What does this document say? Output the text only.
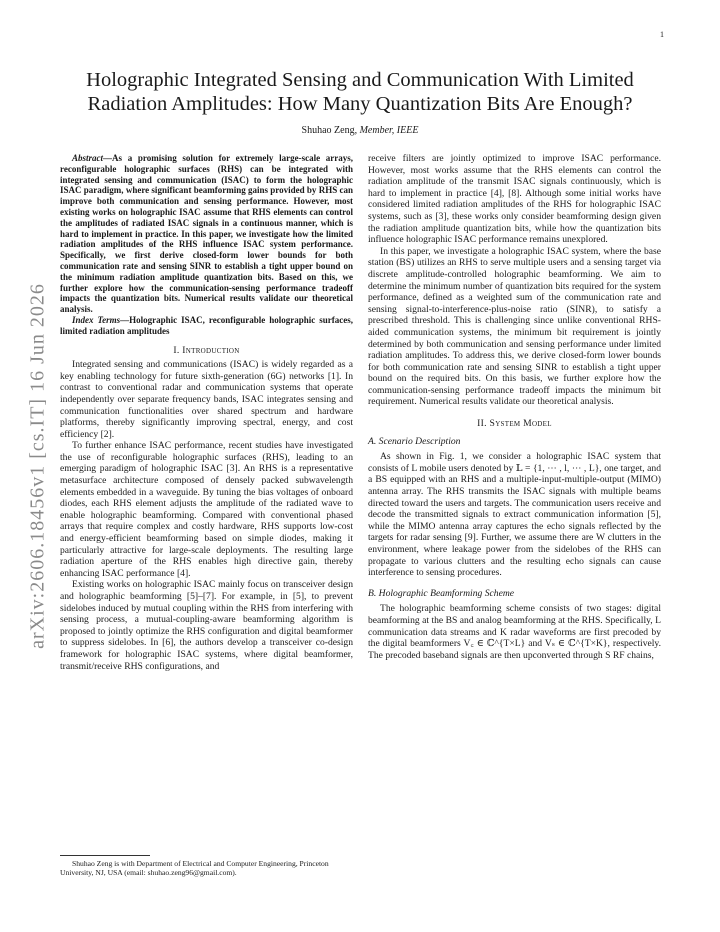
1
arXiv:2606.18456v1 [cs.IT] 16 Jun 2026
Holographic Integrated Sensing and Communication With Limited
Radiation Amplitudes: How Many Quantization Bits Are Enough?
Shuhao Zeng, Member, IEEE

Abstract—As a promising solution for extremely large-scale arrays, reconfigurable holographic surfaces (RHS) can be integrated with integrated sensing and communication (ISAC) to form the holographic ISAC paradigm, where significant beamforming gains provided by RHS can improve both communication and sensing performance. However, most existing works on holographic ISAC assume that RHS elements can control the amplitudes of radiated ISAC signals in a continuous manner, which is hard to implement in practice. In this paper, we investigate how the limited radiation amplitudes of the RHS influence ISAC system performance. Specifically, we first derive closed-form lower bounds for both communication rate and sensing SINR to establish a tight upper bound on the minimum radiation amplitude quantization bits. Based on this, we further explore how the communication-sensing performance tradeoff impacts the quantization bits. Numerical results validate our theoretical analysis.

Index Terms—Holographic ISAC, reconfigurable holographic surfaces, limited radiation amplitudes

I. Introduction

Integrated sensing and communications (ISAC) is widely regarded as a key enabling technology for future sixth-generation (6G) networks [1]. In contrast to conventional radar and communication systems that operate independently over separate frequency bands, ISAC integrates sensing and communication functionalities over shared spectrum and hardware platforms, thereby significantly improving spectral, energy, and cost efficiency [2].

To further enhance ISAC performance, recent studies have investigated the use of reconfigurable holographic surfaces (RHS), leading to an emerging paradigm of holographic ISAC [3]. An RHS is a representative metasurface architecture composed of densely packed subwavelength elements embedded in a waveguide. By tuning the bias voltages of onboard diodes, each RHS element adjusts the amplitude of the radiated wave to enable holographic beamforming. Compared with conventional phased arrays that require complex and costly hardware, RHS supports low-cost and energy-efficient beamforming based on simple diodes, making it particularly attractive for large-scale deployments. The resulting large radiation aperture of the RHS enables high directive gain, thereby enhancing ISAC performance [4].

Existing works on holographic ISAC mainly focus on transceiver design and holographic beamforming [5]–[7]. For example, in [5], to prevent sidelobes induced by mutual coupling within the RHS from interfering with sensing process, a mutual-coupling-aware beamforming algorithm is proposed to jointly optimize the RHS configuration and digital beamformer to suppress sidelobes. In [6], the authors develop a transceiver co-design framework for holographic ISAC systems, where digital beamformer, transmit/receive RHS configurations, and

Shuhao Zeng is with Department of Electrical and Computer Engineering, Princeton University, NJ, USA (email: shuhao.zeng96@gmail.com).

receive filters are jointly optimized to improve ISAC performance. However, most works assume that the RHS elements can control the radiation amplitude of the transmit ISAC signals continuously, which is hard to implement in practice [4], [8]. Although some initial works have considered limited radiation amplitudes of the RHS for holographic ISAC systems, such as [3], these works only consider beamforming design given the radiation amplitude quantization bits, while how the quantization bits influence holographic ISAC performance remains unexplored.

In this paper, we investigate a holographic ISAC system, where the base station (BS) utilizes an RHS to serve multiple users and a sensing target via discrete amplitude-controlled holographic beamforming. We aim to determine the minimum number of quantization bits required for the system performance, defined as a weighted sum of the communication rate and sensing signal-to-interference-plus-noise ratio (SINR), to satisfy a prescribed threshold. This is challenging since unlike conventional RHS-aided communication systems, the minimum bit requirement is jointly determined by both communication and sensing performance under limited radiation amplitudes. To address this, we derive closed-form lower bounds for both communication rate and sensing SINR to establish a tight upper bound on the required bits. On this basis, we further explore how the communication-sensing performance tradeoff impacts the minimum bit requirement. Numerical results validate our theoretical analysis.

II. System Model
A. Scenario Description

As shown in Fig. 1, we consider a holographic ISAC system that consists of L mobile users denoted by 𝕃 = {1, ⋯ , l, ⋯ , L}, one target, and a BS equipped with an RHS and a multiple-input-multiple-output (MIMO) antenna array. The RHS transmits the ISAC signals with multiple beams directed toward the users and targets. The communication users receive and decode the transmitted signals to extract communication information [5], while the MIMO antenna array captures the echo signals reflected by the targets for radar sensing [9]. Further, we assume there are W clutters in the environment, where leakage power from the sidelobes of the RHS can propagate to various clutters and the resulting echo signals can cause interference to sensing procedures.

B. Holographic Beamforming Scheme

The holographic beamforming scheme consists of two stages: digital beamforming at the BS and analog beamforming at the RHS. Specifically, L communication data streams and K radar waveforms are first precoded by the digital beamformers V꜀ ∈ ℂ^{T×L} and Vₛ ∈ ℂ^{T×K}, respectively. The precoded baseband signals are then upconverted through S RF chains,
